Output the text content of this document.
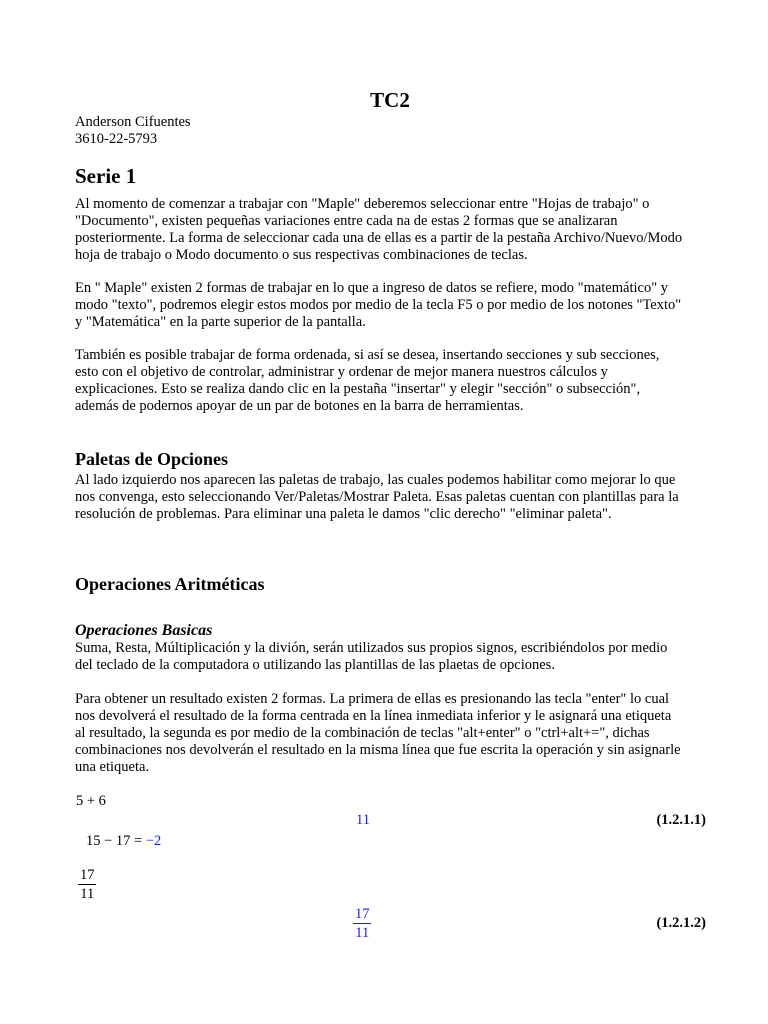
TC2
Anderson Cifuentes
3610-22-5793
Serie 1

Al momento de comenzar a trabajar con "Maple" deberemos seleccionar entre "Hojas de trabajo" o
"Documento", existen pequeñas variaciones entre cada na de estas 2 formas que se analizaran
posteriormente. La forma de seleccionar cada una de ellas es a partir de la pestaña Archivo/Nuevo/Modo
hoja de trabajo o Modo documento o sus respectivas combinaciones de teclas.

En " Maple" existen 2 formas de trabajar en lo que a ingreso de datos se refiere, modo "matemático" y
modo "texto", podremos elegir estos modos por medio de la tecla F5 o por medio de los notones "Texto"
y "Matemática" en la parte superior de la pantalla.

También es posible trabajar de forma ordenada, si así se desea, insertando secciones y sub secciones,
esto con el objetivo de controlar, administrar y ordenar de mejor manera nuestros cálculos y
explicaciones. Esto se realiza dando clic en la pestaña "insertar" y elegir "sección" o subsección",
además de podernos apoyar de un par de botones en la barra de herramientas.

Paletas de Opciones

Al lado izquierdo nos aparecen las paletas de trabajo, las cuales podemos habilitar como mejorar lo que
nos convenga, esto seleccionando Ver/Paletas/Mostrar Paleta. Esas paletas cuentan con plantillas para la
resolución de problemas. Para eliminar una paleta le damos "clic derecho" "eliminar paleta".

Operaciones Aritméticas
Operaciones Basicas

Suma, Resta, Múltiplicación y la divión, serán utilizados sus propios signos, escribiéndolos por medio
del teclado de la computadora o utilizando las plantillas de las plaetas de opciones.

Para obtener un resultado existen 2 formas. La primera de ellas es presionando las tecla "enter" lo cual
nos devolverá el resultado de la forma centrada en la línea inmediata inferior y le asignará una etiqueta
al resultado, la segunda es por medio de la combinación de teclas "alt+enter" o "ctrl+alt+=", dichas
combinaciones nos devolverán el resultado en la misma línea que fue escrita la operación y sin asignarle
una etiqueta.

5 + 6
11	(1.2.1.1)
15 − 17 = −2
$\frac{17}{11}$
$\frac{17}{11}$	(1.2.1.2)
